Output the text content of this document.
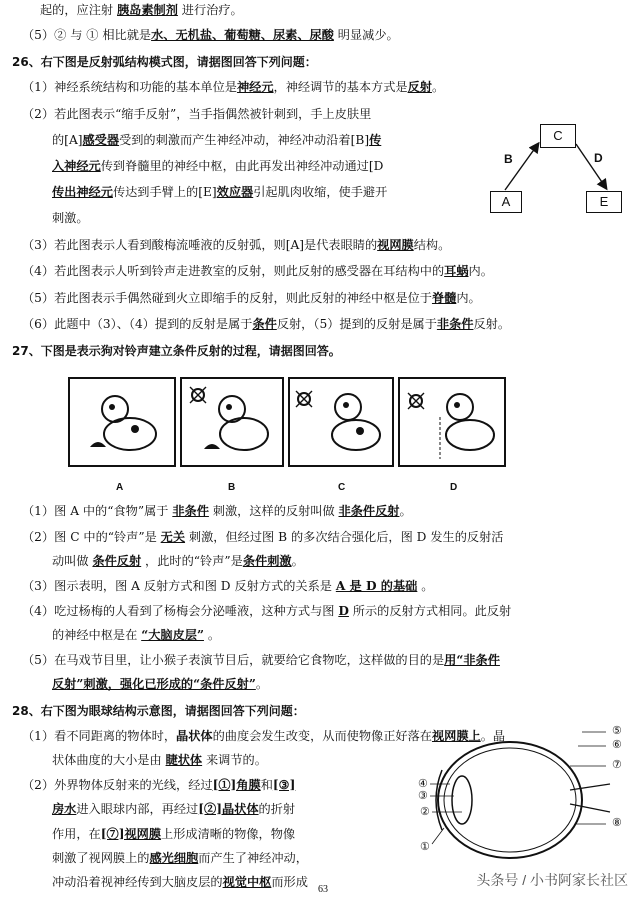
起的，应注射 胰岛素制剂 进行治疗。
（5）② 与 ① 相比就是水、无机盐、葡萄糖、尿素、尿酸 明显减少。
26、右下图是反射弧结构模式图，请据图回答下列问题：
（1）神经系统结构和功能的基本单位是神经元，神经调节的基本方式是反射。
（2）若此图表示“缩手反射”，当手指偶然被针刺到，手上皮肤里
的[A]感受器受到的刺激而产生神经冲动，神经冲动沿着[B]传
入神经元传到脊髓里的神经中枢，由此再发出神经冲动通过[D
传出神经元传达到手臂上的[E]效应器引起肌肉收缩，使手避开
刺激。
（3）若此图表示人看到酸梅流唾液的反射弧，则[A]是代表眼睛的视网膜结构。
（4）若此图表示人听到铃声走进教室的反射，则此反射的感受器在耳结构中的耳蜗内。
（5）若此图表示手偶然碰到火立即缩手的反射，则此反射的神经中枢是位于脊髓内。
（6）此题中（3）、（4）提到的反射是属于条件反射，（5）提到的反射是属于非条件反射。
C
A	E
B	D
27、下图是表示狗对铃声建立条件反射的过程，请据图回答。
A	B	C	D
（1）图 A 中的“食物”属于 非条件 刺激，这样的反射叫做 非条件反射。
（2）图 C 中的“铃声”是 无关 刺激，但经过图 B 的多次结合强化后，图 D 发生的反射活
动叫做 条件反射 ，此时的“铃声”是条件刺激。
（3）图示表明，图 A 反射方式和图 D 反射方式的关系是 A 是 D 的基础 。
（4）吃过杨梅的人看到了杨梅会分泌唾液，这种方式与图 D 所示的反射方式相同。此反射
的神经中枢是在 “大脑皮层” 。
（5）在马戏节目里，让小猴子表演节目后，就要给它食物吃，这样做的目的是用“非条件
反射”刺激，强化已形成的“条件反射”。
28、右下图为眼球结构示意图，请据图回答下列问题：
（1）看不同距离的物体时，晶状体的曲度会发生改变，从而使物像正好落在视网膜上。晶
状体曲度的大小是由 睫状体 来调节的。
（2）外界物体反射来的光线，经过[①]角膜和[③]
房水进入眼球内部，再经过[②]晶状体的折射
作用，在[⑦]视网膜上形成清晰的物像，物像
刺激了视网膜上的感光细胞而产生了神经冲动，
冲动沿着视神经传到大脑皮层的视觉中枢而形成
⑤
⑥
⑦
④
③
②
①
⑧
63
头条号 / 小书阿家长社区
